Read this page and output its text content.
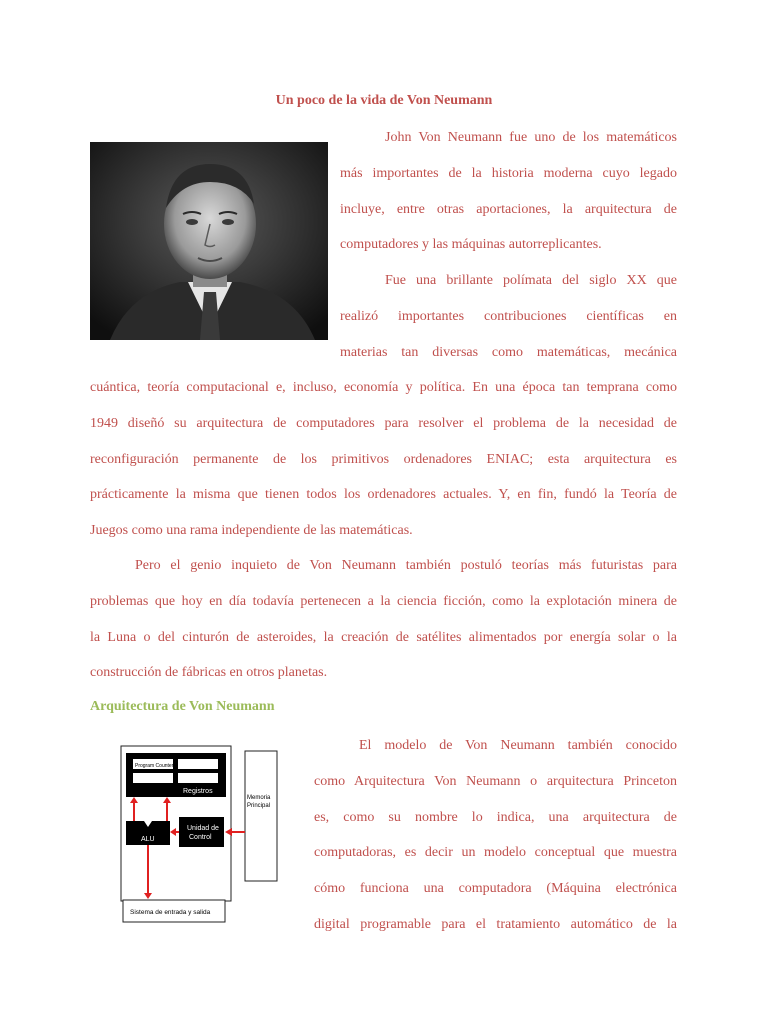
Un poco de la vida de Von Neumann
John Von Neumann fue uno de los matemáticos
más importantes de la historia moderna cuyo legado
incluye, entre otras aportaciones, la arquitectura de
computadores y las máquinas autorreplicantes.
Fue una brillante polímata del siglo XX que
realizó importantes contribuciones científicas en
materias tan diversas como matemáticas, mecánica
cuántica, teoría computacional e, incluso, economía y política. En una época tan temprana como
1949 diseñó su arquitectura de computadores para resolver el problema de la necesidad de
reconfiguración permanente de los primitivos ordenadores ENIAC; esta arquitectura es
prácticamente la misma que tienen todos los ordenadores actuales. Y, en fin, fundó la Teoría de
Juegos como una rama independiente de las matemáticas.
Pero el genio inquieto de Von Neumann también postuló teorías más futuristas para
problemas que hoy en día todavía pertenecen a la ciencia ficción, como la explotación minera de
la Luna o del cinturón de asteroides, la creación de satélites alimentados por energía solar o la
construcción de fábricas en otros planetas.
Arquitectura de Von Neumann
Program Counter
Registros
ALU
Unidad de
Control
Memoria
Principal
Sistema de entrada y salida
El modelo de Von Neumann también conocido
como Arquitectura Von Neumann o arquitectura Princeton
es, como su nombre lo indica, una arquitectura de
computadoras, es decir un modelo conceptual que muestra
cómo funciona una computadora (Máquina electrónica
digital programable para el tratamiento automático de la
